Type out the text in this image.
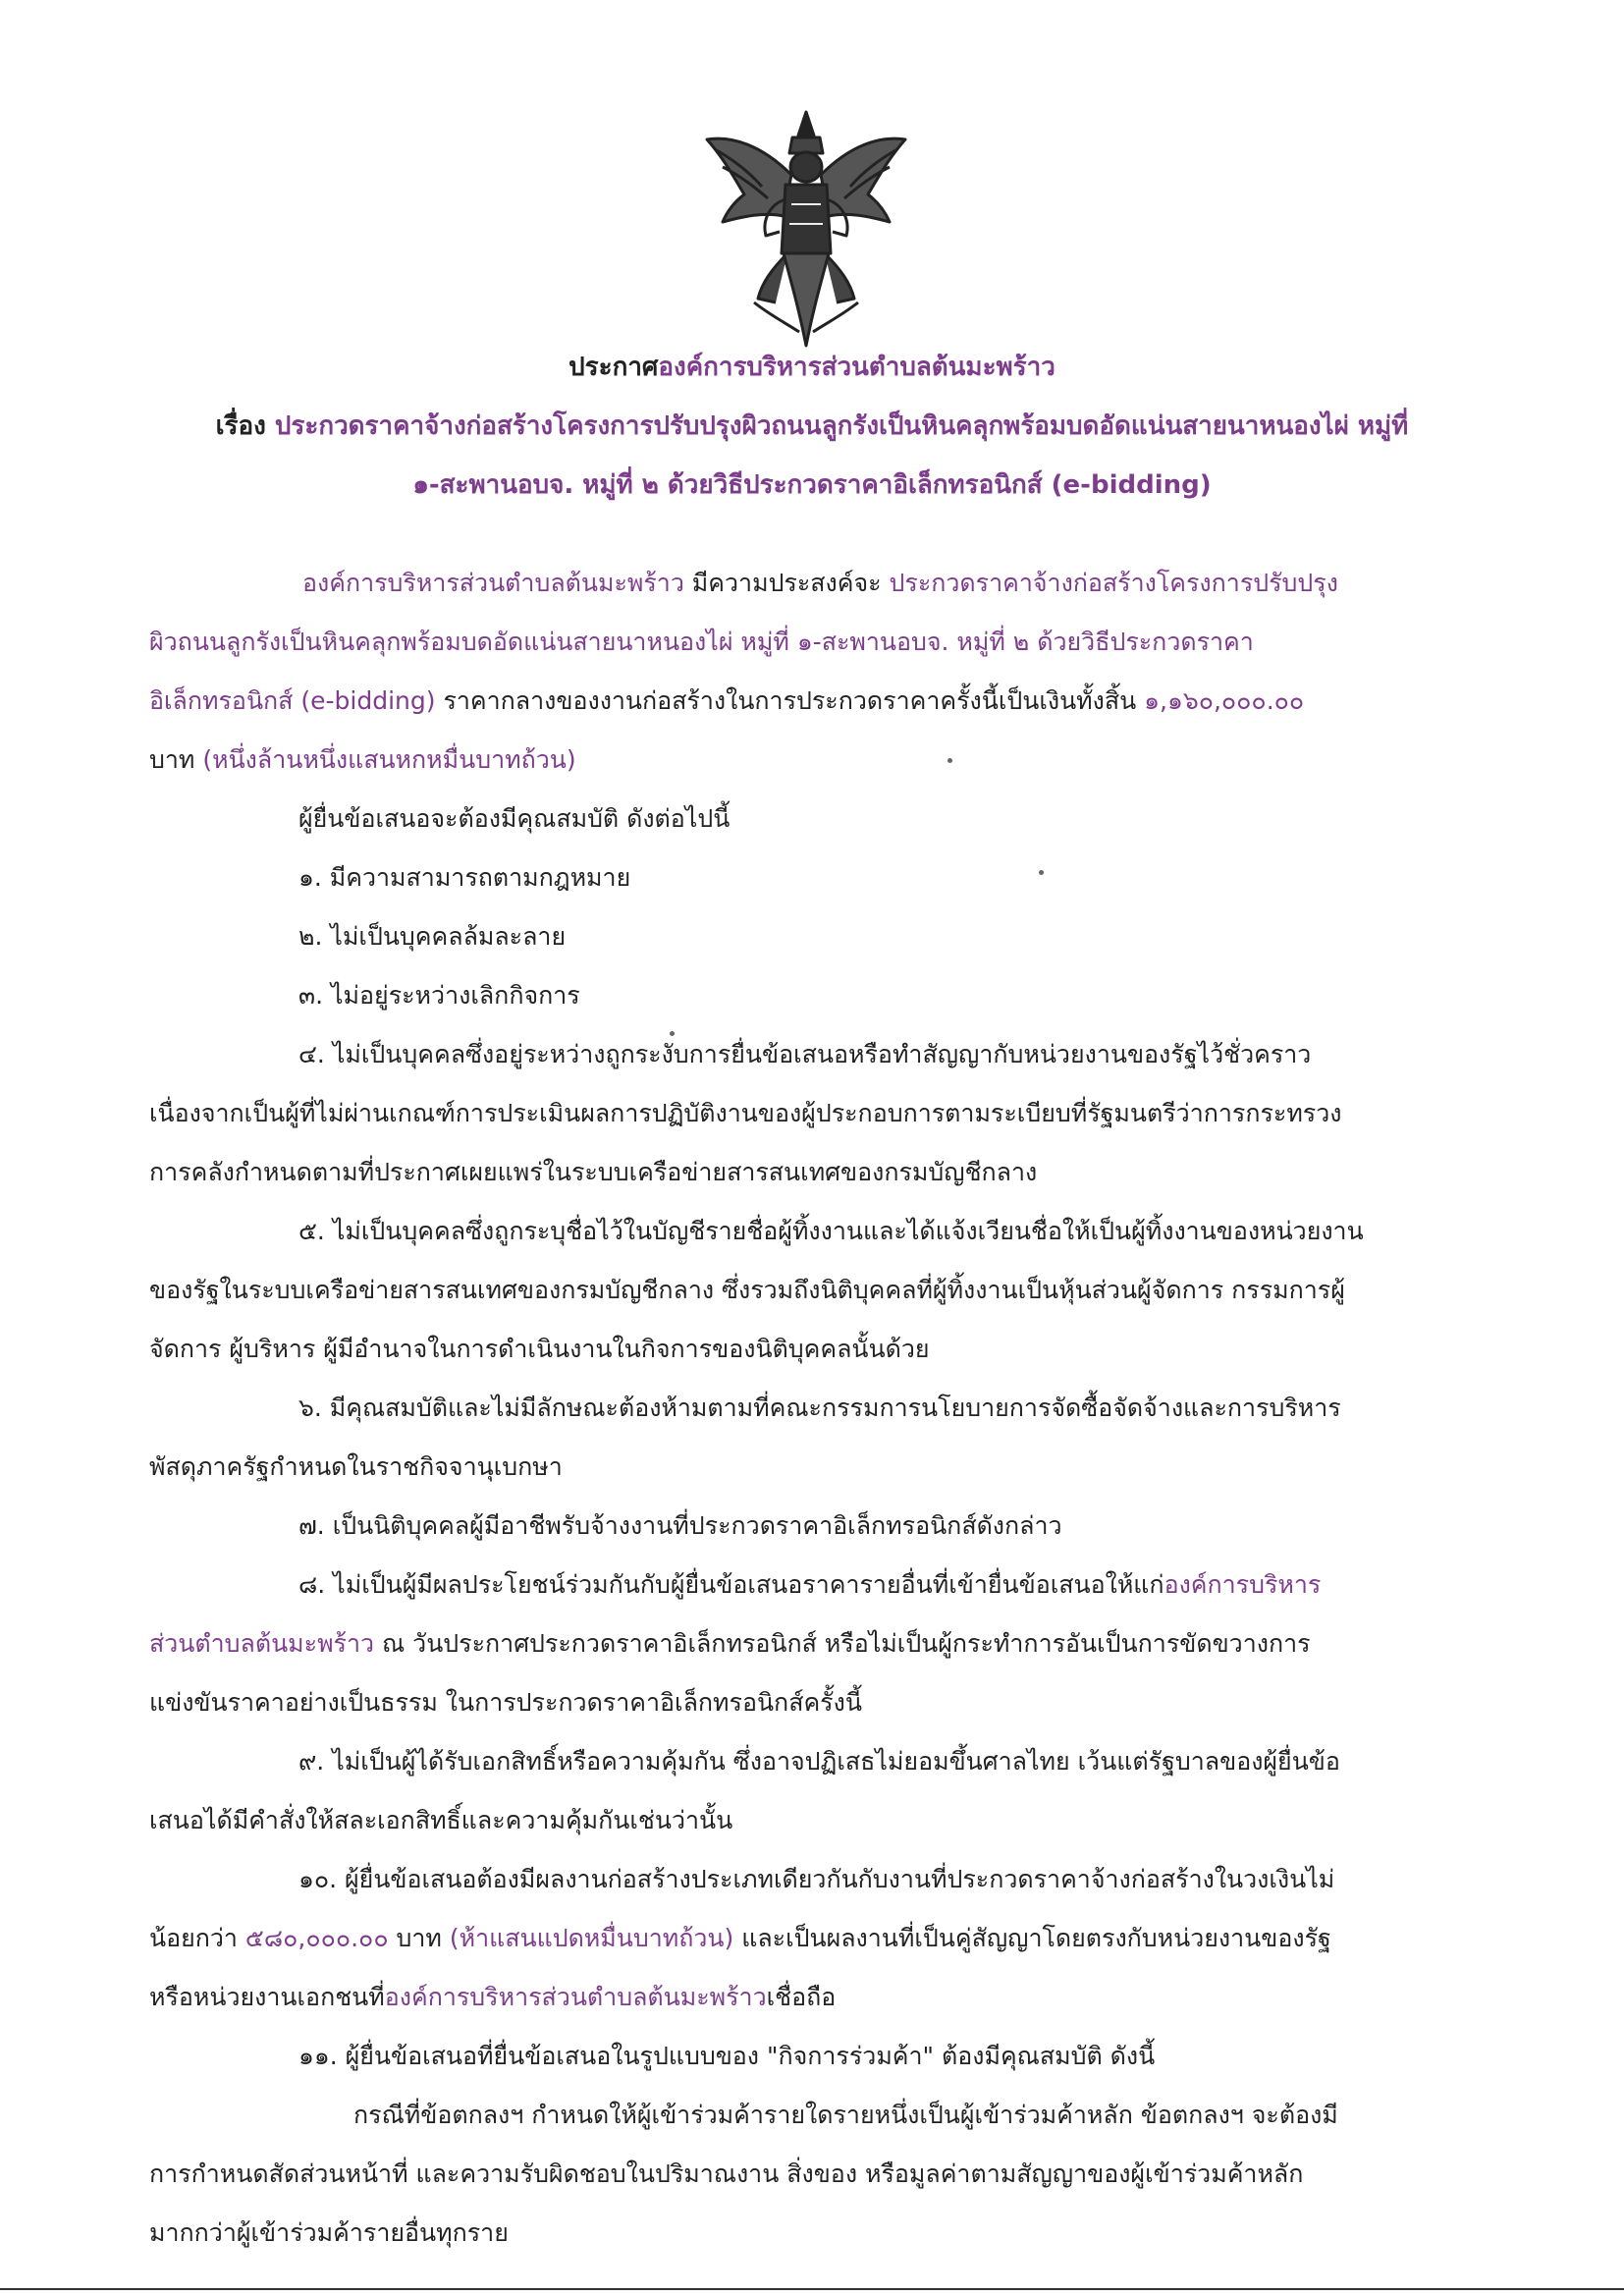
ประกาศองค์การบริหารส่วนตำบลต้นมะพร้าว
เรื่อง ประกวดราคาจ้างก่อสร้างโครงการปรับปรุงผิวถนนลูกรังเป็นหินคลุกพร้อมบดอัดแน่นสายนาหนองไผ่ หมู่ที่
๑-สะพานอบจ. หมู่ที่ ๒ ด้วยวิธีประกวดราคาอิเล็กทรอนิกส์ (e-bidding)
องค์การบริหารส่วนตำบลต้นมะพร้าว มีความประสงค์จะ ประกวดราคาจ้างก่อสร้างโครงการปรับปรุง
ผิวถนนลูกรังเป็นหินคลุกพร้อมบดอัดแน่นสายนาหนองไผ่ หมู่ที่ ๑-สะพานอบจ. หมู่ที่ ๒ ด้วยวิธีประกวดราคา
อิเล็กทรอนิกส์ (e-bidding) ราคากลางของงานก่อสร้างในการประกวดราคาครั้งนี้เป็นเงินทั้งสิ้น ๑,๑๖๐,๐๐๐.๐๐
บาท (หนึ่งล้านหนึ่งแสนหกหมื่นบาทถ้วน)
ผู้ยื่นข้อเสนอจะต้องมีคุณสมบัติ ดังต่อไปนี้
๑. มีความสามารถตามกฎหมาย
๒. ไม่เป็นบุคคลล้มละลาย
๓. ไม่อยู่ระหว่างเลิกกิจการ
๔. ไม่เป็นบุคคลซึ่งอยู่ระหว่างถูกระงับการยื่นข้อเสนอหรือทำสัญญากับหน่วยงานของรัฐไว้ชั่วคราว
เนื่องจากเป็นผู้ที่ไม่ผ่านเกณฑ์การประเมินผลการปฏิบัติงานของผู้ประกอบการตามระเบียบที่รัฐมนตรีว่าการกระทรวง
การคลังกำหนดตามที่ประกาศเผยแพร่ในระบบเครือข่ายสารสนเทศของกรมบัญชีกลาง
๕. ไม่เป็นบุคคลซึ่งถูกระบุชื่อไว้ในบัญชีรายชื่อผู้ทิ้งงานและได้แจ้งเวียนชื่อให้เป็นผู้ทิ้งงานของหน่วยงาน
ของรัฐในระบบเครือข่ายสารสนเทศของกรมบัญชีกลาง ซึ่งรวมถึงนิติบุคคลที่ผู้ทิ้งงานเป็นหุ้นส่วนผู้จัดการ กรรมการผู้
จัดการ ผู้บริหาร ผู้มีอำนาจในการดำเนินงานในกิจการของนิติบุคคลนั้นด้วย
๖. มีคุณสมบัติและไม่มีลักษณะต้องห้ามตามที่คณะกรรมการนโยบายการจัดซื้อจัดจ้างและการบริหาร
พัสดุภาครัฐกำหนดในราชกิจจานุเบกษา
๗. เป็นนิติบุคคลผู้มีอาชีพรับจ้างงานที่ประกวดราคาอิเล็กทรอนิกส์ดังกล่าว
๘. ไม่เป็นผู้มีผลประโยชน์ร่วมกันกับผู้ยื่นข้อเสนอราคารายอื่นที่เข้ายื่นข้อเสนอให้แก่องค์การบริหาร
ส่วนตำบลต้นมะพร้าว ณ วันประกาศประกวดราคาอิเล็กทรอนิกส์ หรือไม่เป็นผู้กระทำการอันเป็นการขัดขวางการ
แข่งขันราคาอย่างเป็นธรรม ในการประกวดราคาอิเล็กทรอนิกส์ครั้งนี้
๙. ไม่เป็นผู้ได้รับเอกสิทธิ์หรือความคุ้มกัน ซึ่งอาจปฏิเสธไม่ยอมขึ้นศาลไทย เว้นแต่รัฐบาลของผู้ยื่นข้อ
เสนอได้มีคำสั่งให้สละเอกสิทธิ์และความคุ้มกันเช่นว่านั้น
๑๐. ผู้ยื่นข้อเสนอต้องมีผลงานก่อสร้างประเภทเดียวกันกับงานที่ประกวดราคาจ้างก่อสร้างในวงเงินไม่
น้อยกว่า ๕๘๐,๐๐๐.๐๐ บาท (ห้าแสนแปดหมื่นบาทถ้วน) และเป็นผลงานที่เป็นคู่สัญญาโดยตรงกับหน่วยงานของรัฐ
หรือหน่วยงานเอกชนที่องค์การบริหารส่วนตำบลต้นมะพร้าวเชื่อถือ
๑๑. ผู้ยื่นข้อเสนอที่ยื่นข้อเสนอในรูปแบบของ "กิจการร่วมค้า" ต้องมีคุณสมบัติ ดังนี้
กรณีที่ข้อตกลงฯ กำหนดให้ผู้เข้าร่วมค้ารายใดรายหนึ่งเป็นผู้เข้าร่วมค้าหลัก ข้อตกลงฯ จะต้องมี
การกำหนดสัดส่วนหน้าที่ และความรับผิดชอบในปริมาณงาน สิ่งของ หรือมูลค่าตามสัญญาของผู้เข้าร่วมค้าหลัก
มากกว่าผู้เข้าร่วมค้ารายอื่นทุกราย
